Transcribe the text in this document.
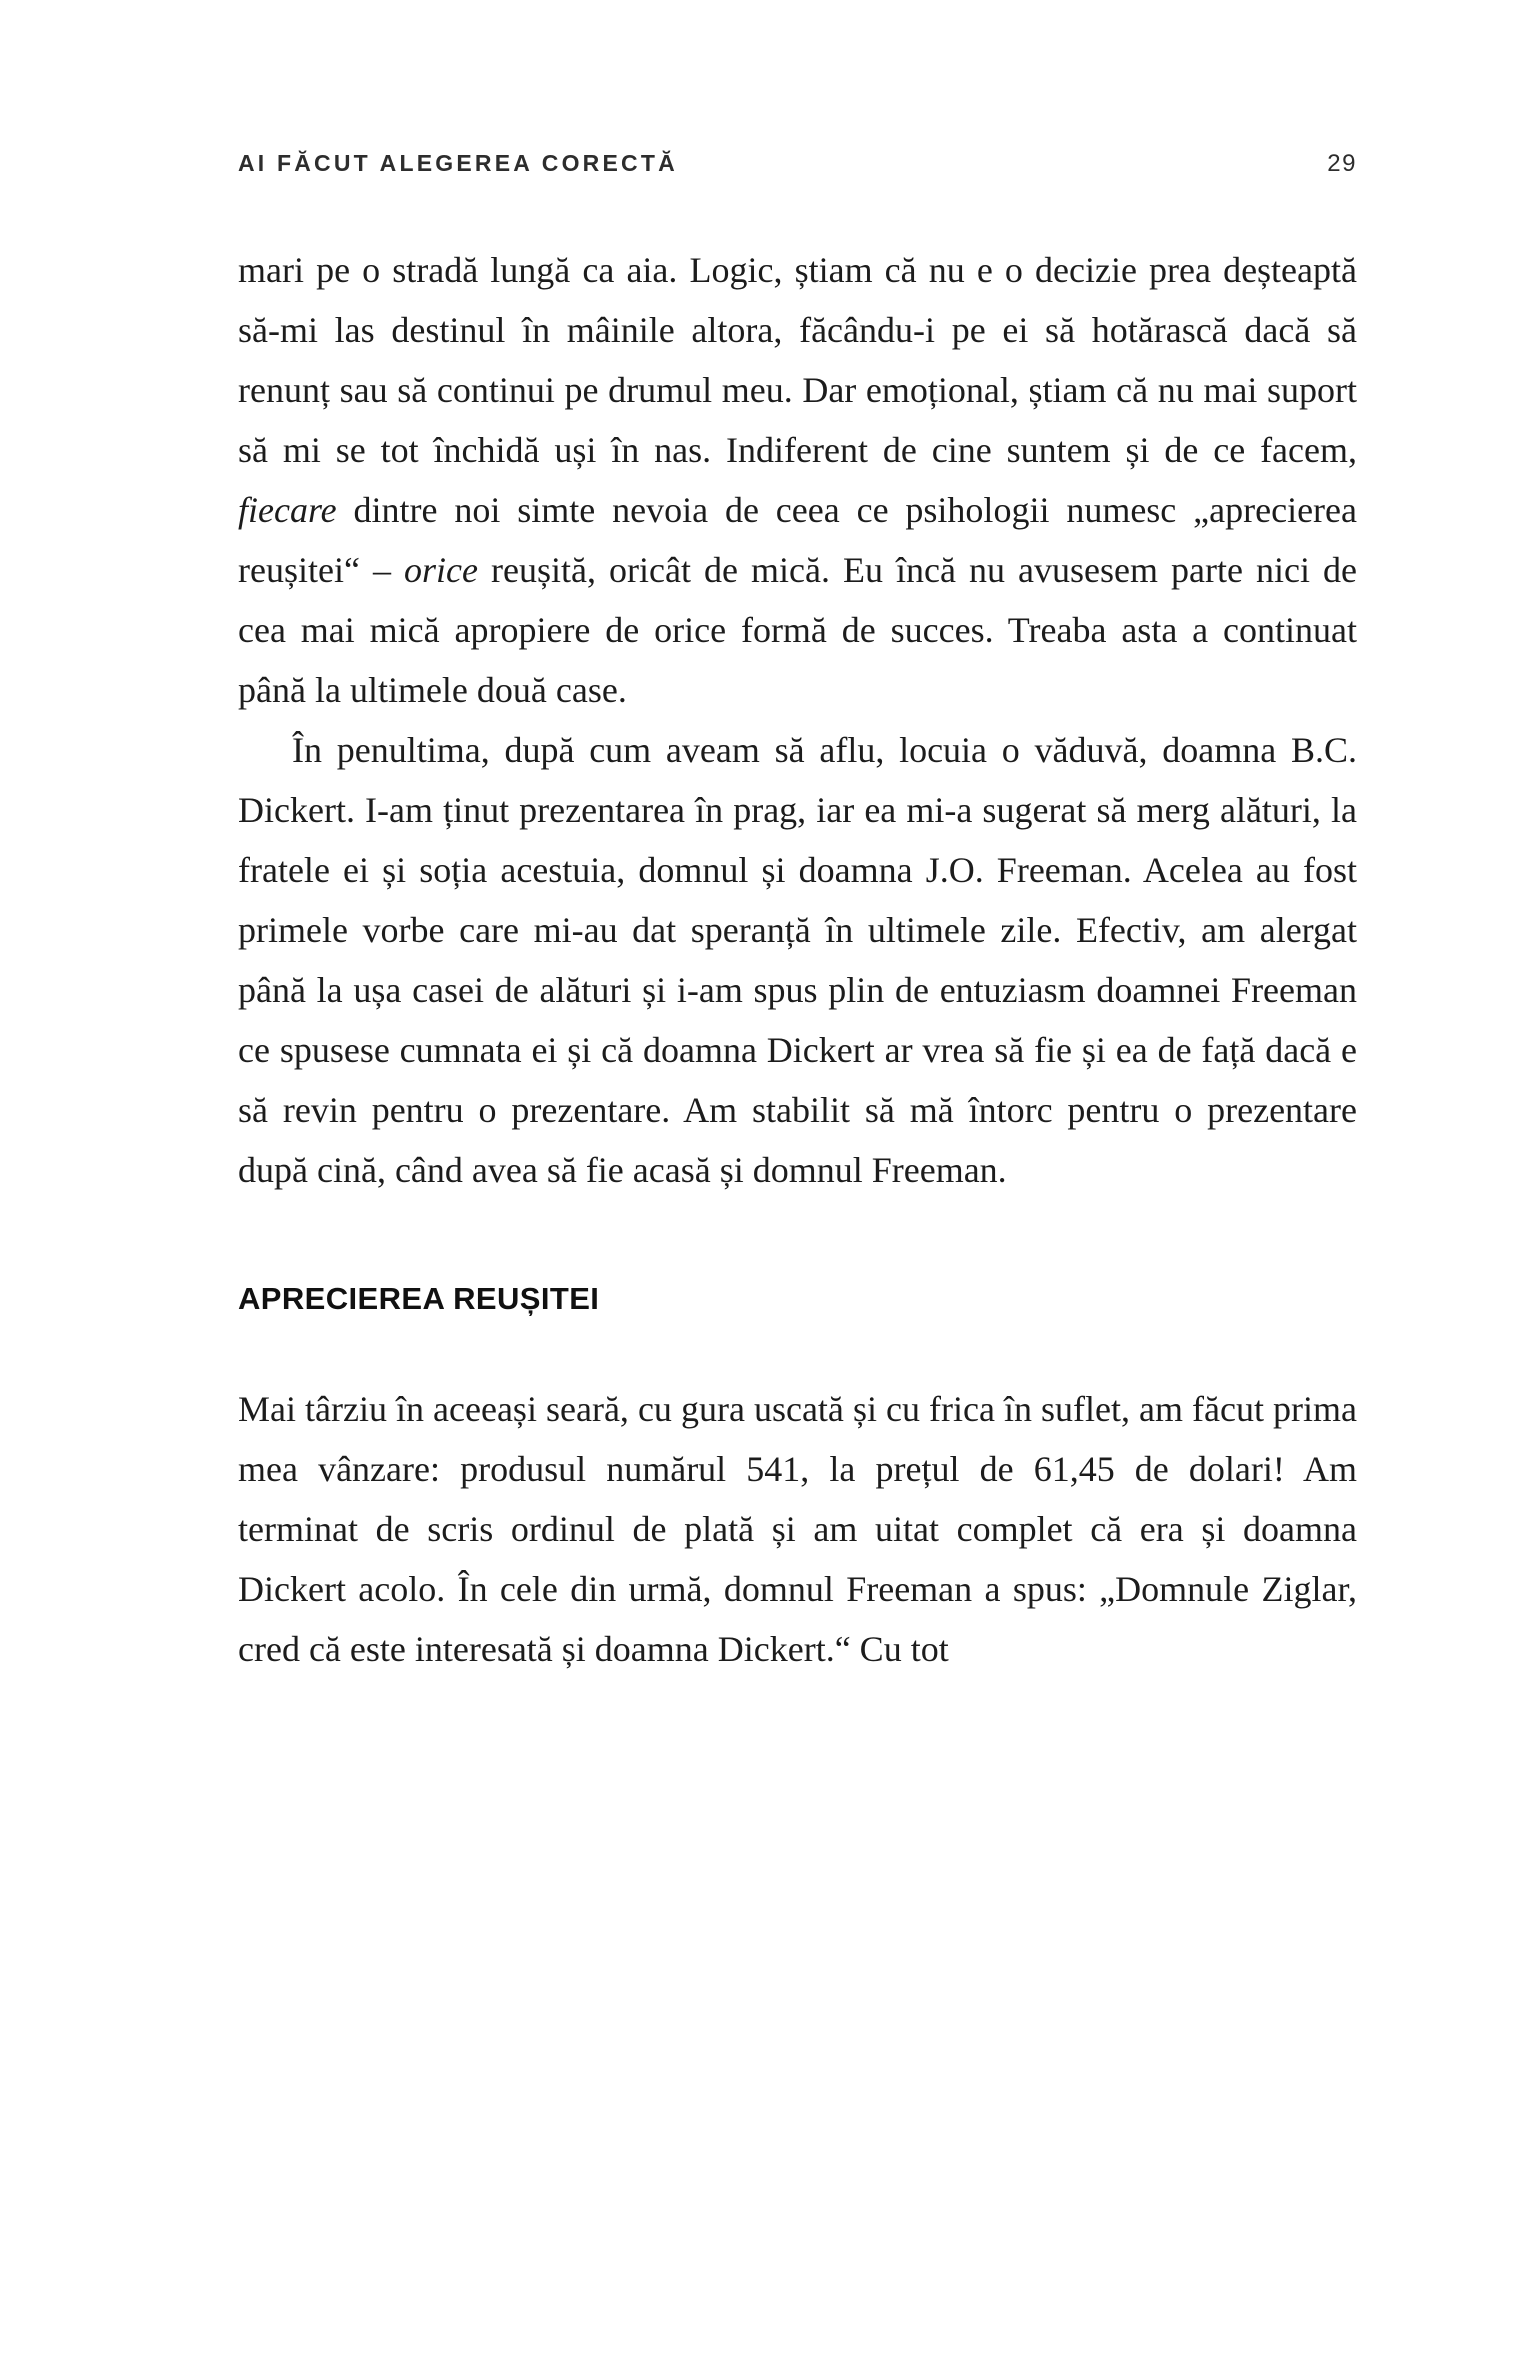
AI FĂCUT ALEGEREA CORECTĂ	29

mari pe o stradă lungă ca aia. Logic, știam că nu e o decizie prea deșteaptă să-mi las destinul în mâinile altora, făcându-i pe ei să hotărască dacă să renunț sau să continui pe drumul meu. Dar emoțional, știam că nu mai suport să mi se tot închidă uși în nas. Indiferent de cine suntem și de ce facem, fiecare dintre noi simte nevoia de ceea ce psihologii numesc „aprecierea reușitei“ – orice reușită, oricât de mică. Eu încă nu avusesem parte nici de cea mai mică apropiere de orice formă de succes. Treaba asta a continuat până la ultimele două case.

În penultima, după cum aveam să aflu, locuia o văduvă, doamna B.C. Dickert. I-am ținut prezentarea în prag, iar ea mi-a sugerat să merg alături, la fratele ei și soția acestuia, domnul și doamna J.O. Freeman. Acelea au fost primele vorbe care mi-au dat speranță în ultimele zile. Efectiv, am alergat până la ușa casei de alături și i-am spus plin de entuziasm doamnei Freeman ce spusese cumnata ei și că doamna Dickert ar vrea să fie și ea de față dacă e să revin pentru o prezentare. Am stabilit să mă întorc pentru o prezentare după cină, când avea să fie acasă și domnul Freeman.

APRECIEREA REUȘITEI

Mai târziu în aceeași seară, cu gura uscată și cu frica în suflet, am făcut prima mea vânzare: produsul numărul 541, la prețul de 61,45 de dolari! Am terminat de scris ordinul de plată și am uitat complet că era și doamna Dickert acolo. În cele din urmă, domnul Freeman a spus: „Domnule Ziglar, cred că este interesată și doamna Dickert.“ Cu tot
